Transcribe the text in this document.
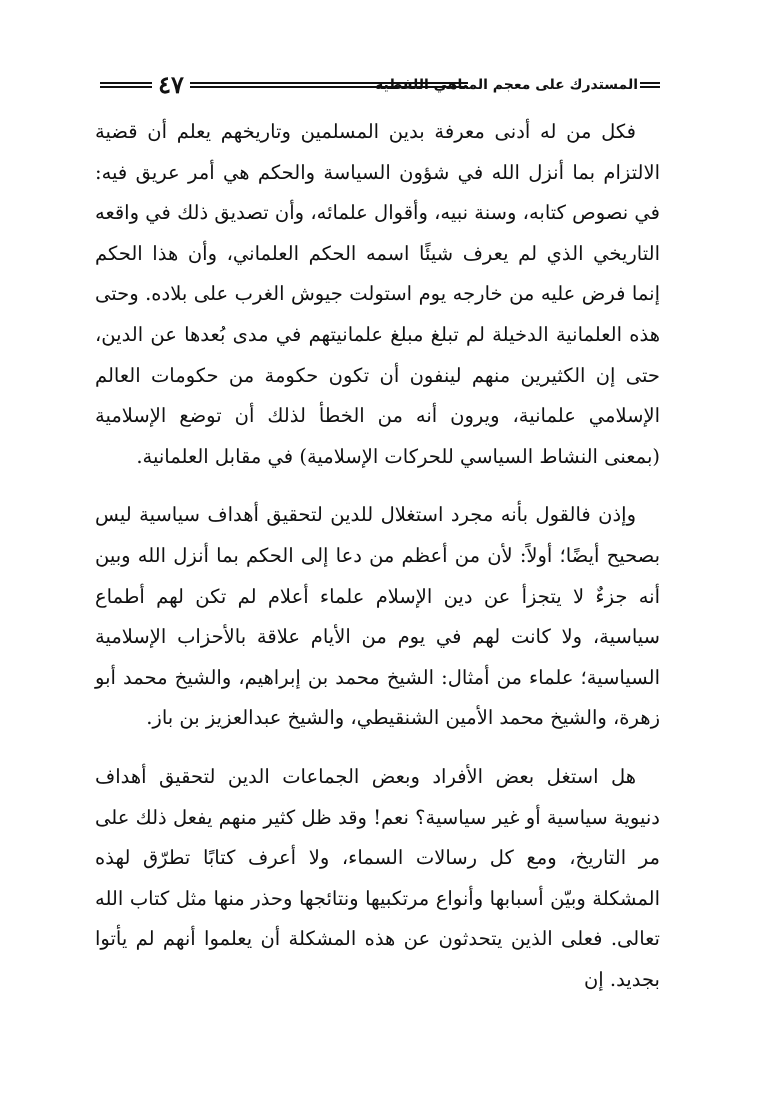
٤٧	المستدرك على معجم المناهي اللفظية

فكل من له أدنى معرفة بدين المسلمين وتاريخهم يعلم أن قضية الالتزام بما أنزل الله في شؤون السياسة والحكم هي أمر عريق فيه: في نصوص كتابه، وسنة نبيه، وأقوال علمائه، وأن تصديق ذلك في واقعه التاريخي الذي لم يعرف شيئًا اسمه الحكم العلماني، وأن هذا الحكم إنما فرض عليه من خارجه يوم استولت جيوش الغرب على بلاده. وحتى هذه العلمانية الدخيلة لم تبلغ مبلغ علمانيتهم في مدى بُعدها عن الدين، حتى إن الكثيرين منهم لينفون أن تكون حكومة من حكومات العالم الإسلامي علمانية، ويرون أنه من الخطأ لذلك أن توضع الإسلامية (بمعنى النشاط السياسي للحركات الإسلامية) في مقابل العلمانية.

وإذن فالقول بأنه مجرد استغلال للدين لتحقيق أهداف سياسية ليس بصحيح أيضًا؛ أولاً: لأن من أعظم من دعا إلى الحكم بما أنزل الله وبين أنه جزءٌ لا يتجزأ عن دين الإسلام علماء أعلام لم تكن لهم أطماع سياسية، ولا كانت لهم في يوم من الأيام علاقة بالأحزاب الإسلامية السياسية؛ علماء من أمثال: الشيخ محمد بن إبراهيم، والشيخ محمد أبو زهرة، والشيخ محمد الأمين الشنقيطي، والشيخ عبدالعزيز بن باز.

هل استغل بعض الأفراد وبعض الجماعات الدين لتحقيق أهداف دنيوية سياسية أو غير سياسية؟ نعم! وقد ظل كثير منهم يفعل ذلك على مر التاريخ، ومع كل رسالات السماء، ولا أعرف كتابًا تطرّق لهذه المشكلة وبيّن أسبابها وأنواع مرتكبيها ونتائجها وحذر منها مثل كتاب الله تعالى. فعلى الذين يتحدثون عن هذه المشكلة أن يعلموا أنهم لم يأتوا بجديد. إن
